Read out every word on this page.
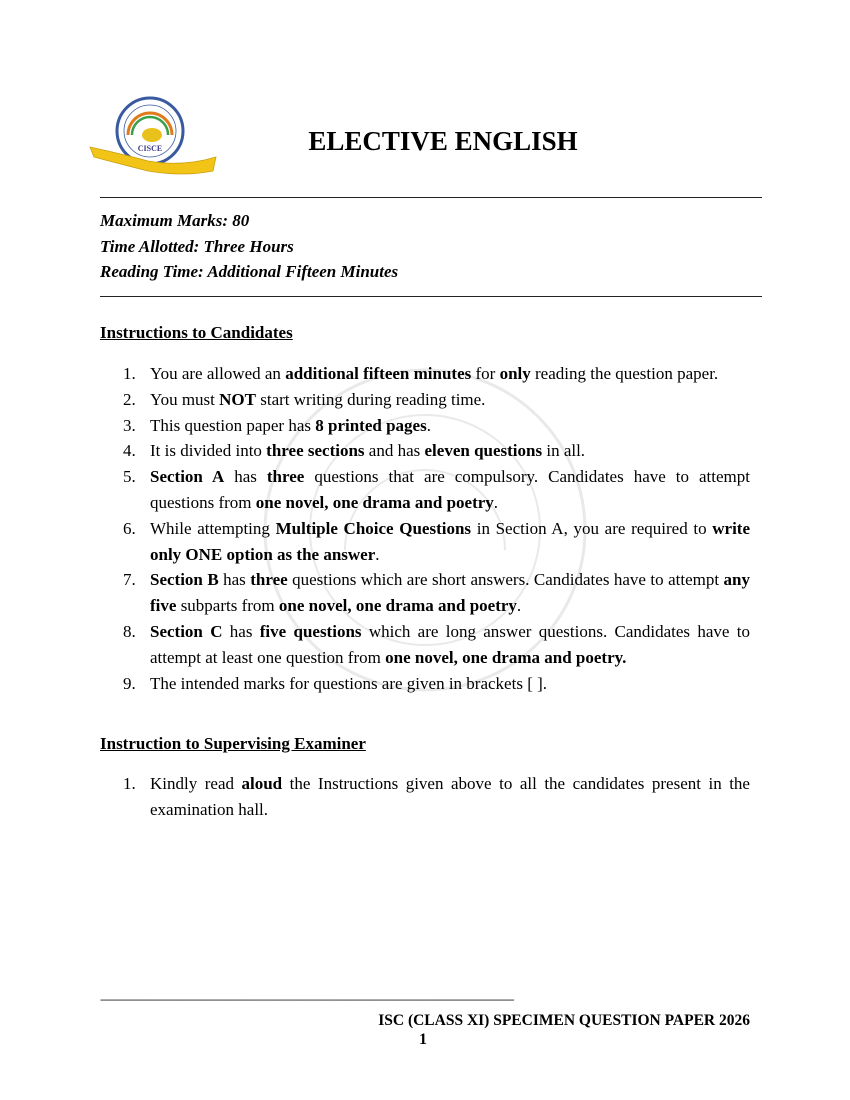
CISCE	ELECTIVE ENGLISH
Maximum Marks: 80
Time Allotted: Three Hours
Reading Time: Additional Fifteen Minutes
Instructions to Candidates
1. You are allowed an additional fifteen minutes for only reading the question paper.
2. You must NOT start writing during reading time.
3. This question paper has 8 printed pages.
4. It is divided into three sections and has eleven questions in all.
5. Section A has three questions that are compulsory. Candidates have to attempt questions from one novel, one drama and poetry.
6. While attempting Multiple Choice Questions in Section A, you are required to write only ONE option as the answer.
7. Section B has three questions which are short answers. Candidates have to attempt any five subparts from one novel, one drama and poetry.
8. Section C has five questions which are long answer questions. Candidates have to attempt at least one question from one novel, one drama and poetry.
9. The intended marks for questions are given in brackets [ ].
Instruction to Supervising Examiner
1. Kindly read aloud the Instructions given above to all the candidates present in the examination hall.
------------------------------------------------------------------------------------------------------------------------------------------
ISC (CLASS XI) SPECIMEN QUESTION PAPER 2026
1
